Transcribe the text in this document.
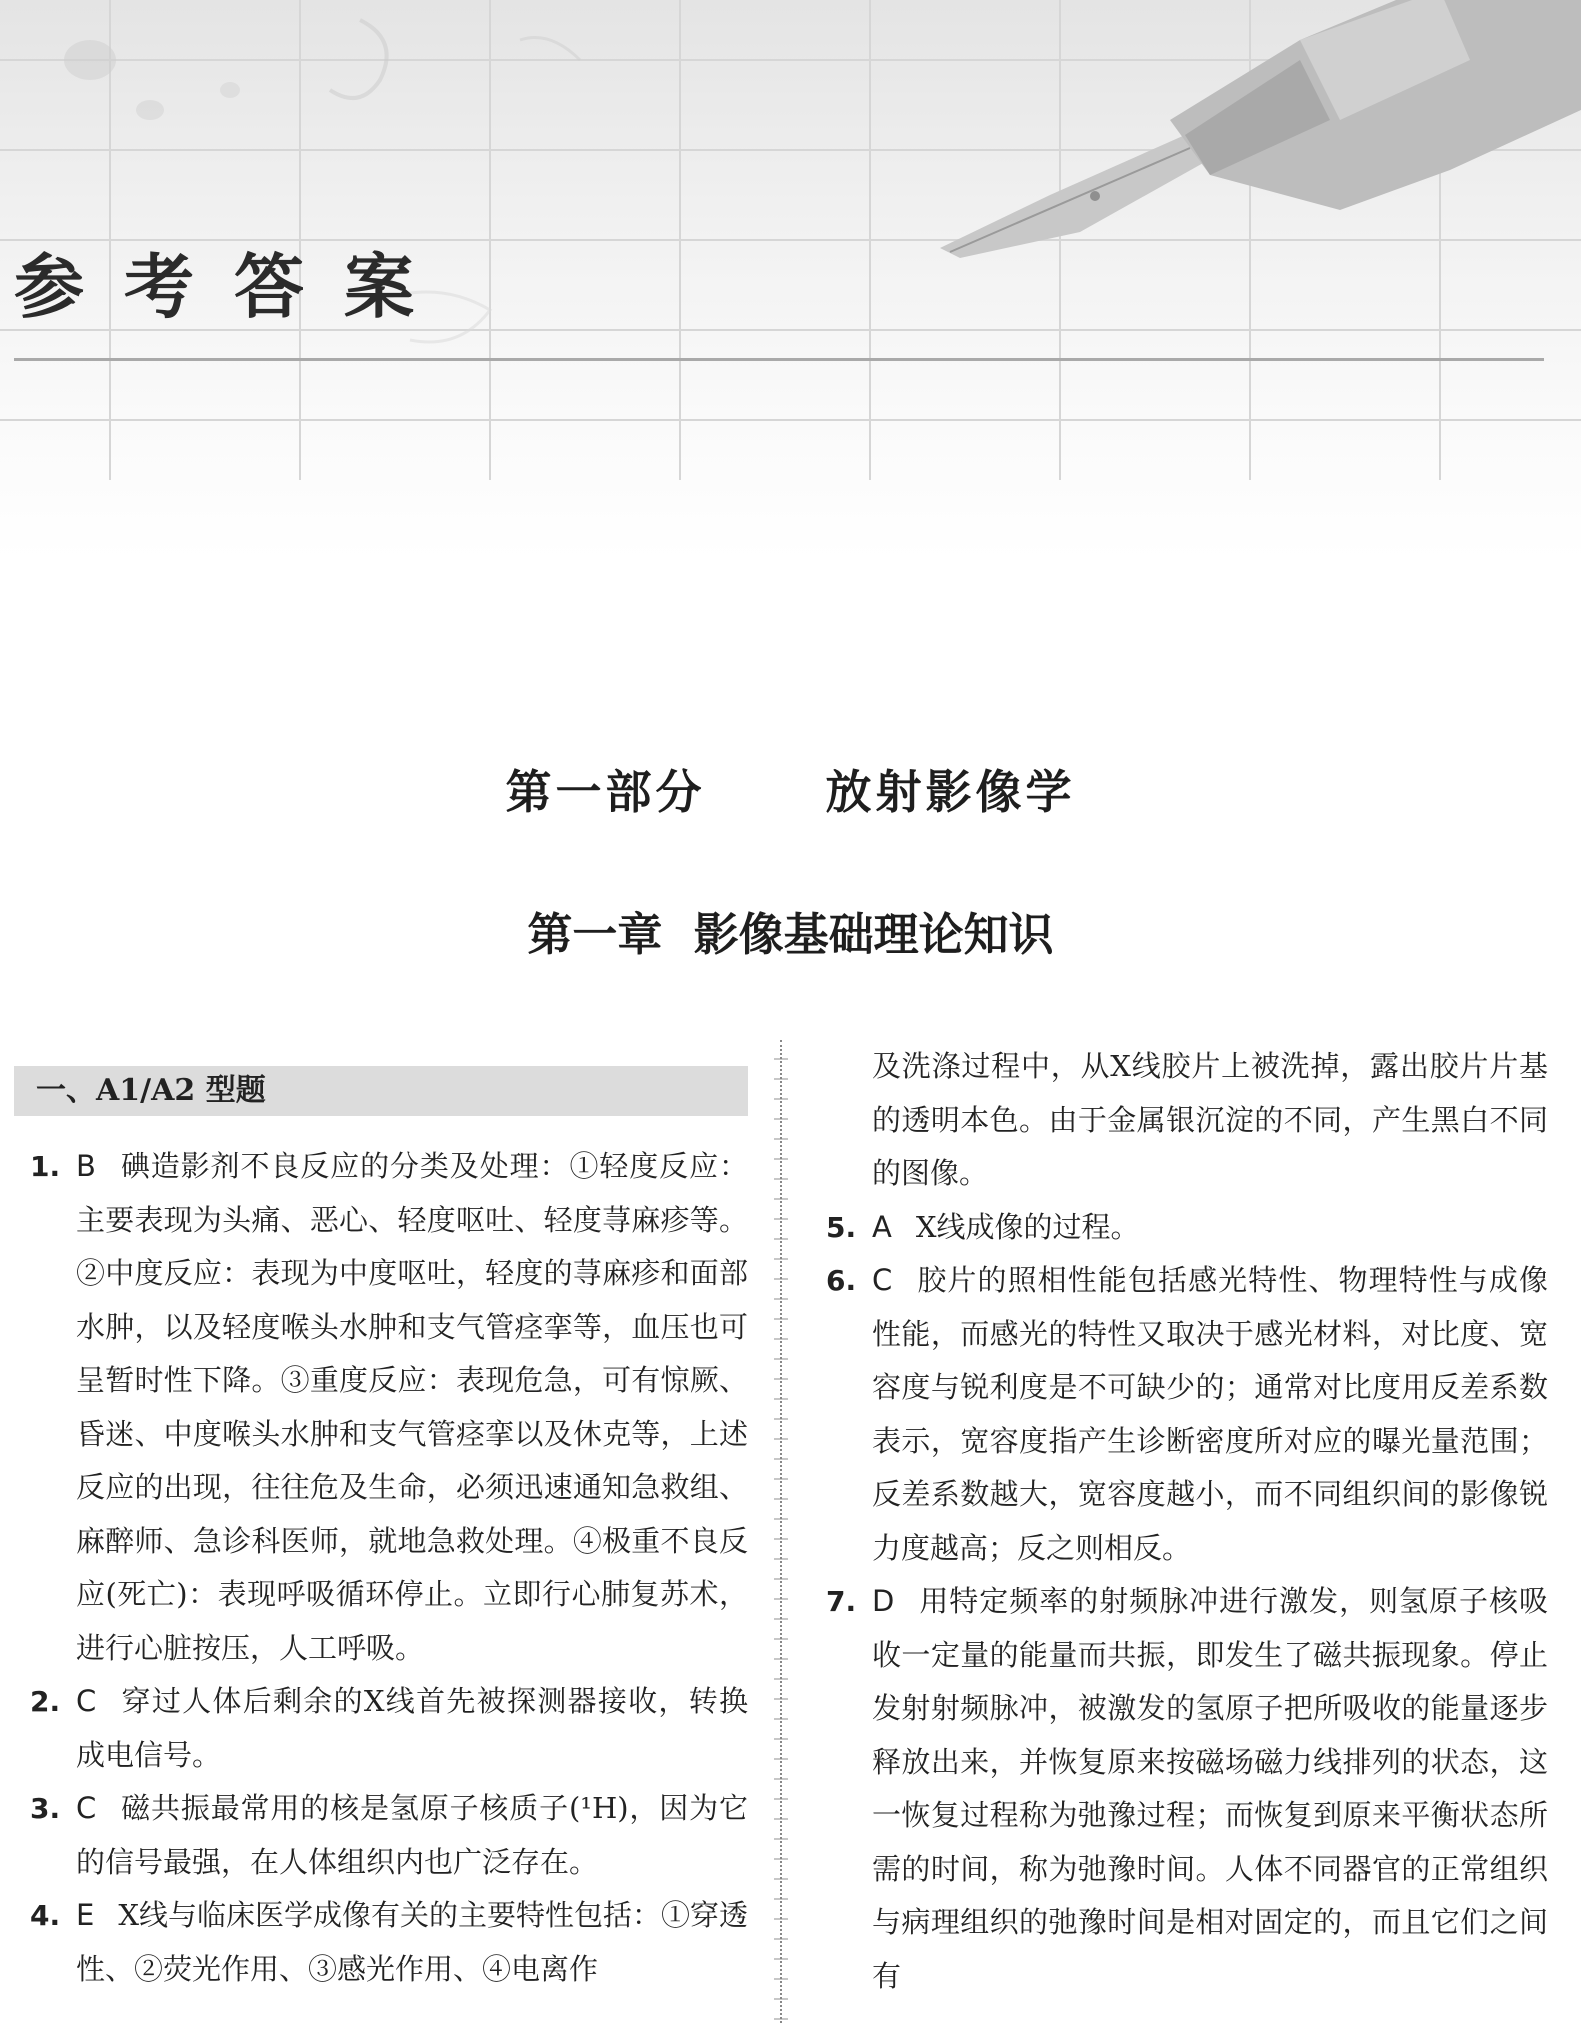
参考答案
第一部分  放射影像学
第一章  影像基础理论知识
一、A1/A2 型题
1. B 碘造影剂不良反应的分类及处理：①轻度反应：主要表现为头痛、恶心、轻度呕吐、轻度荨麻疹等。②中度反应：表现为中度呕吐，轻度的荨麻疹和面部水肿，以及轻度喉头水肿和支气管痉挛等，血压也可呈暂时性下降。③重度反应：表现危急，可有惊厥、昏迷、中度喉头水肿和支气管痉挛以及休克等，上述反应的出现，往往危及生命，必须迅速通知急救组、麻醉师、急诊科医师，就地急救处理。④极重不良反应(死亡)：表现呼吸循环停止。立即行心肺复苏术，进行心脏按压，人工呼吸。
2. C 穿过人体后剩余的X线首先被探测器接收，转换成电信号。
3. C 磁共振最常用的核是氢原子核质子(¹H)，因为它的信号最强，在人体组织内也广泛存在。
4. E X线与临床医学成像有关的主要特性包括：①穿透性、②荧光作用、③感光作用、④电离作
及洗涤过程中，从X线胶片上被洗掉，露出胶片片基的透明本色。由于金属银沉淀的不同，产生黑白不同的图像。
5. A X线成像的过程。
6. C 胶片的照相性能包括感光特性、物理特性与成像性能，而感光的特性又取决于感光材料，对比度、宽容度与锐利度是不可缺少的；通常对比度用反差系数表示，宽容度指产生诊断密度所对应的曝光量范围；反差系数越大，宽容度越小，而不同组织间的影像锐力度越高；反之则相反。
7. D 用特定频率的射频脉冲进行激发，则氢原子核吸收一定量的能量而共振，即发生了磁共振现象。停止发射射频脉冲，被激发的氢原子把所吸收的能量逐步释放出来，并恢复原来按磁场磁力线排列的状态，这一恢复过程称为弛豫过程；而恢复到原来平衡状态所需的时间，称为弛豫时间。人体不同器官的正常组织与病理组织的弛豫时间是相对固定的，而且它们之间有
